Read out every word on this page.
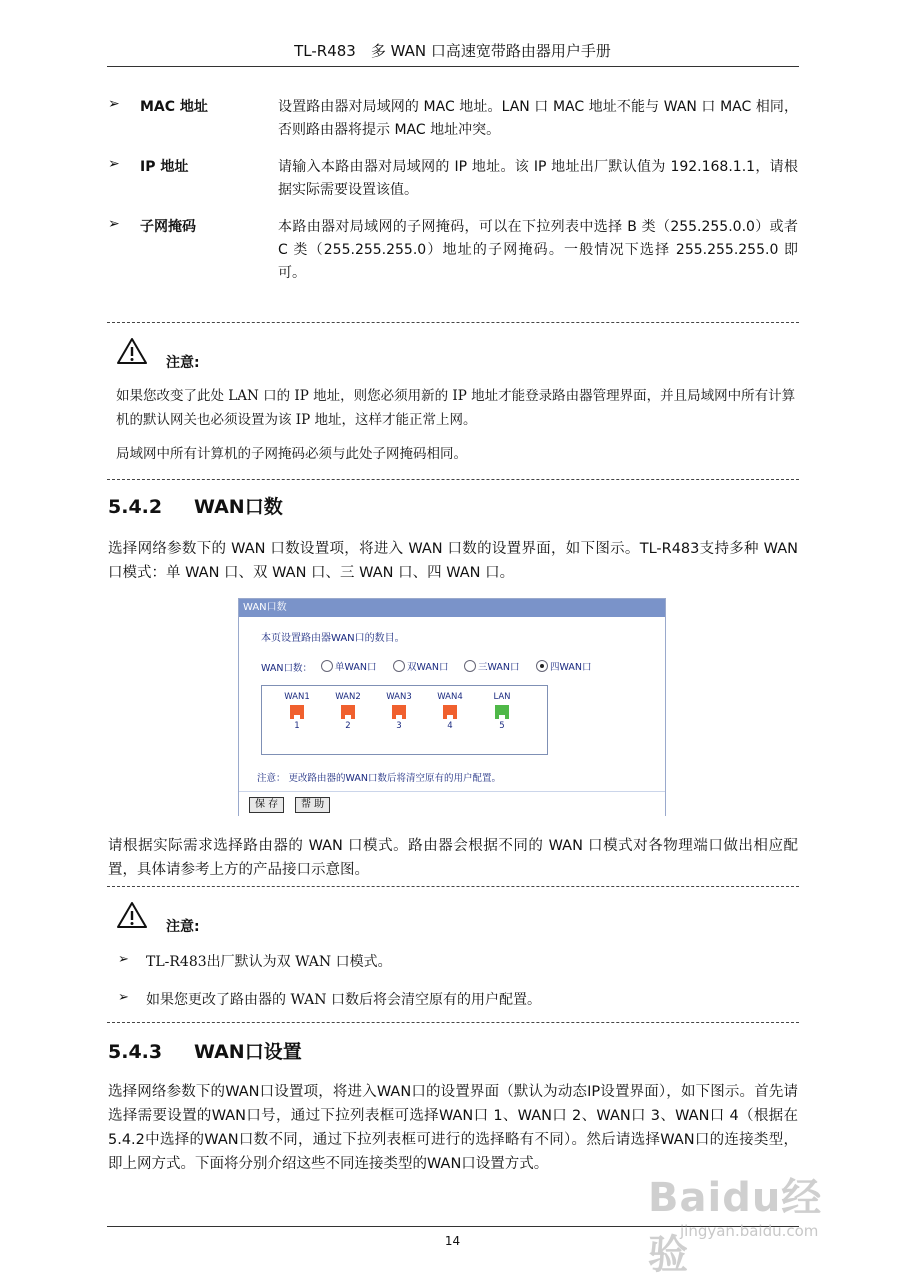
TL-R483　多 WAN 口高速宽带路由器用户手册
➢ MAC 地址	设置路由器对局域网的 MAC 地址。LAN 口 MAC 地址不能与 WAN 口 MAC 相同，否则路由器将提示 MAC 地址冲突。
➢ IP 地址	请输入本路由器对局域网的 IP 地址。该 IP 地址出厂默认值为 192.168.1.1，请根据实际需要设置该值。
➢ 子网掩码	本路由器对局域网的子网掩码，可以在下拉列表中选择 B 类（255.255.0.0）或者 C 类（255.255.255.0）地址的子网掩码。一般情况下选择 255.255.255.0 即可。
注意:
如果您改变了此处 LAN 口的 IP 地址，则您必须用新的 IP 地址才能登录路由器管理界面，并且局域网中所有计算机的默认网关也必须设置为该 IP 地址，这样才能正常上网。
局域网中所有计算机的子网掩码必须与此处子网掩码相同。
5.4.2 WAN口数
选择网络参数下的 WAN 口数设置项，将进入 WAN 口数的设置界面，如下图示。TL-R483支持多种 WAN 口模式：单 WAN 口、双 WAN 口、三 WAN 口、四 WAN 口。
WAN口数
本页设置路由器WAN口的数目。
WAN口数：	单WAN口	双WAN口	三WAN口	四WAN口
WAN1
1
WAN2
2
WAN3
3
WAN4
4
LAN
5
注意： 更改路由器的WAN口数后将清空原有的用户配置。
保 存	帮 助
请根据实际需求选择路由器的 WAN 口模式。路由器会根据不同的 WAN 口模式对各物理端口做出相应配置，具体请参考上方的产品接口示意图。
注意:
➢ TL-R483出厂默认为双 WAN 口模式。
➢ 如果您更改了路由器的 WAN 口数后将会清空原有的用户配置。
5.4.3 WAN口设置
选择网络参数下的WAN口设置项，将进入WAN口的设置界面（默认为动态IP设置界面），如下图示。首先请选择需要设置的WAN口号，通过下拉列表框可选择WAN口 1、WAN口 2、WAN口 3、WAN口 4（根据在 5.4.2中选择的WAN口数不同，通过下拉列表框可进行的选择略有不同）。然后请选择WAN口的连接类型，即上网方式。下面将分别介绍这些不同连接类型的WAN口设置方式。
14
Baidu经验
jingyan.baidu.com
